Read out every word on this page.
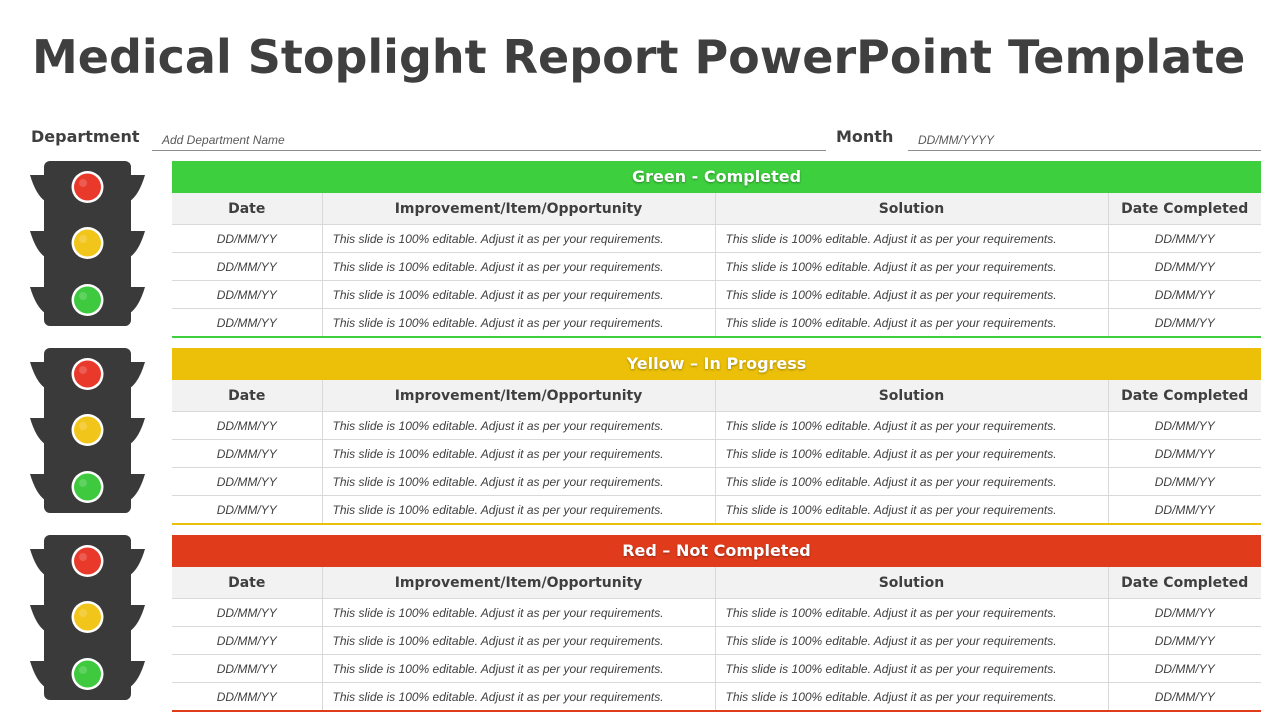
Medical Stoplight Report PowerPoint Template
Department	Add Department Name	Month	DD/MM/YYYY
Green - Completed
Date	Improvement/Item/Opportunity	Solution	Date Completed
DD/MM/YY	This slide is 100% editable. Adjust it as per your requirements.	This slide is 100% editable. Adjust it as per your requirements.	DD/MM/YY
DD/MM/YY	This slide is 100% editable. Adjust it as per your requirements.	This slide is 100% editable. Adjust it as per your requirements.	DD/MM/YY
DD/MM/YY	This slide is 100% editable. Adjust it as per your requirements.	This slide is 100% editable. Adjust it as per your requirements.	DD/MM/YY
DD/MM/YY	This slide is 100% editable. Adjust it as per your requirements.	This slide is 100% editable. Adjust it as per your requirements.	DD/MM/YY
Yellow – In Progress
Date	Improvement/Item/Opportunity	Solution	Date Completed
DD/MM/YY	This slide is 100% editable. Adjust it as per your requirements.	This slide is 100% editable. Adjust it as per your requirements.	DD/MM/YY
DD/MM/YY	This slide is 100% editable. Adjust it as per your requirements.	This slide is 100% editable. Adjust it as per your requirements.	DD/MM/YY
DD/MM/YY	This slide is 100% editable. Adjust it as per your requirements.	This slide is 100% editable. Adjust it as per your requirements.	DD/MM/YY
DD/MM/YY	This slide is 100% editable. Adjust it as per your requirements.	This slide is 100% editable. Adjust it as per your requirements.	DD/MM/YY
Red – Not Completed
Date	Improvement/Item/Opportunity	Solution	Date Completed
DD/MM/YY	This slide is 100% editable. Adjust it as per your requirements.	This slide is 100% editable. Adjust it as per your requirements.	DD/MM/YY
DD/MM/YY	This slide is 100% editable. Adjust it as per your requirements.	This slide is 100% editable. Adjust it as per your requirements.	DD/MM/YY
DD/MM/YY	This slide is 100% editable. Adjust it as per your requirements.	This slide is 100% editable. Adjust it as per your requirements.	DD/MM/YY
DD/MM/YY	This slide is 100% editable. Adjust it as per your requirements.	This slide is 100% editable. Adjust it as per your requirements.	DD/MM/YY
